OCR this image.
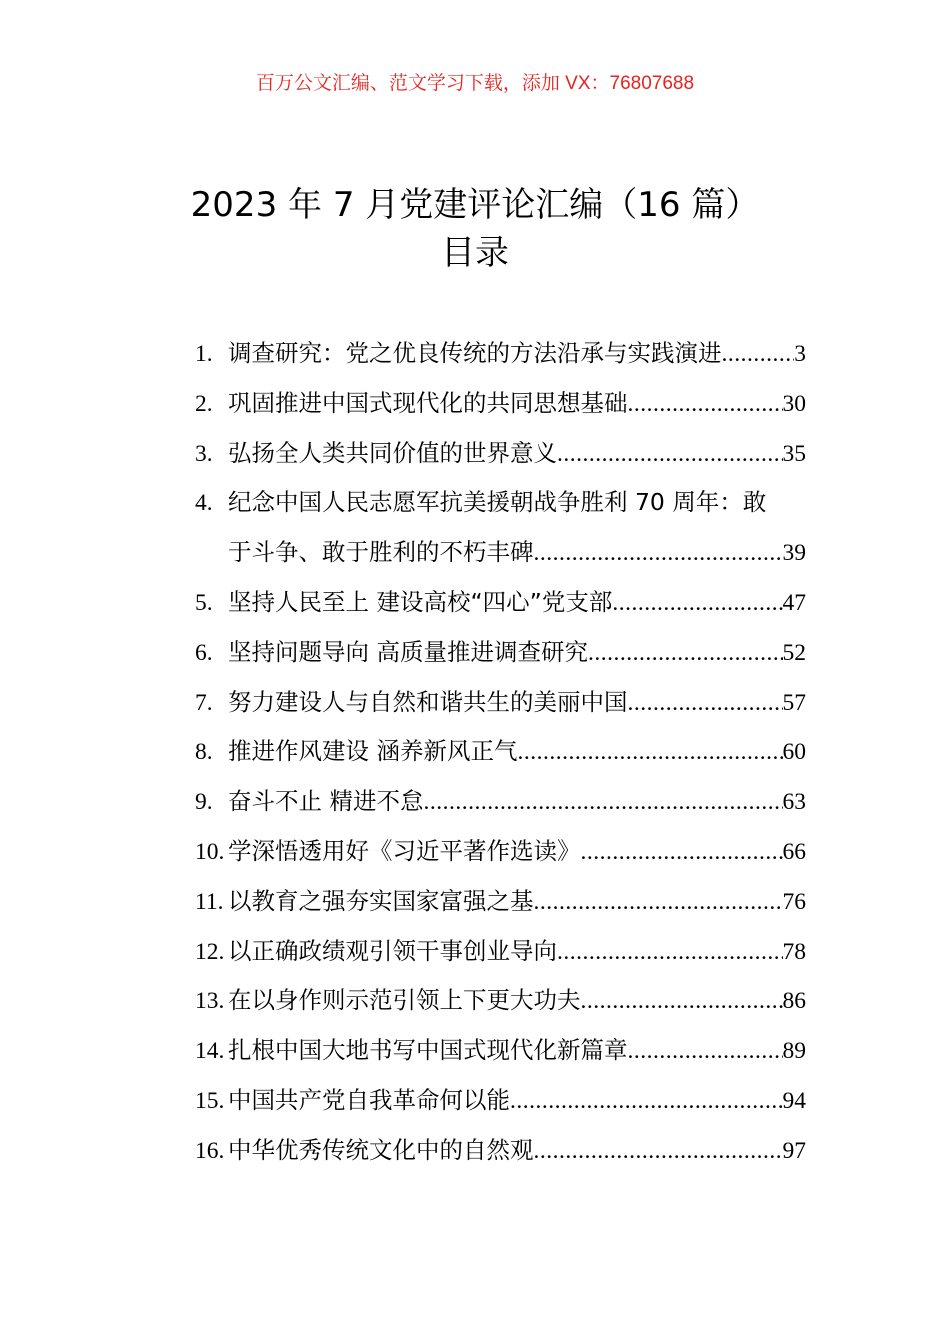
百万公文汇编、范文学习下载，添加 VX：76807688
2023 年 7 月党建评论汇编（16 篇）
目录
1. 调查研究：党之优良传统的方法沿承与实践演进 .....	3
2. 巩固推进中国式现代化的共同思想基础 .....	30
3. 弘扬全人类共同价值的世界意义 .....	35
4. 纪念中国人民志愿军抗美援朝战争胜利 70 周年：敢
于斗争、敢于胜利的不朽丰碑 .....	39
5. 坚持人民至上 建设高校“四心”党支部 .....	47
6. 坚持问题导向 高质量推进调查研究 .....	52
7. 努力建设人与自然和谐共生的美丽中国 .....	57
8. 推进作风建设 涵养新风正气 .....	60
9. 奋斗不止 精进不怠 .....	63
10. 学深悟透用好《习近平著作选读》 .....	66
11. 以教育之强夯实国家富强之基 .....	76
12. 以正确政绩观引领干事创业导向 .....	78
13. 在以身作则示范引领上下更大功夫 .....	86
14. 扎根中国大地书写中国式现代化新篇章 .....	89
15. 中国共产党自我革命何以能 .....	94
16. 中华优秀传统文化中的自然观 .....	97
